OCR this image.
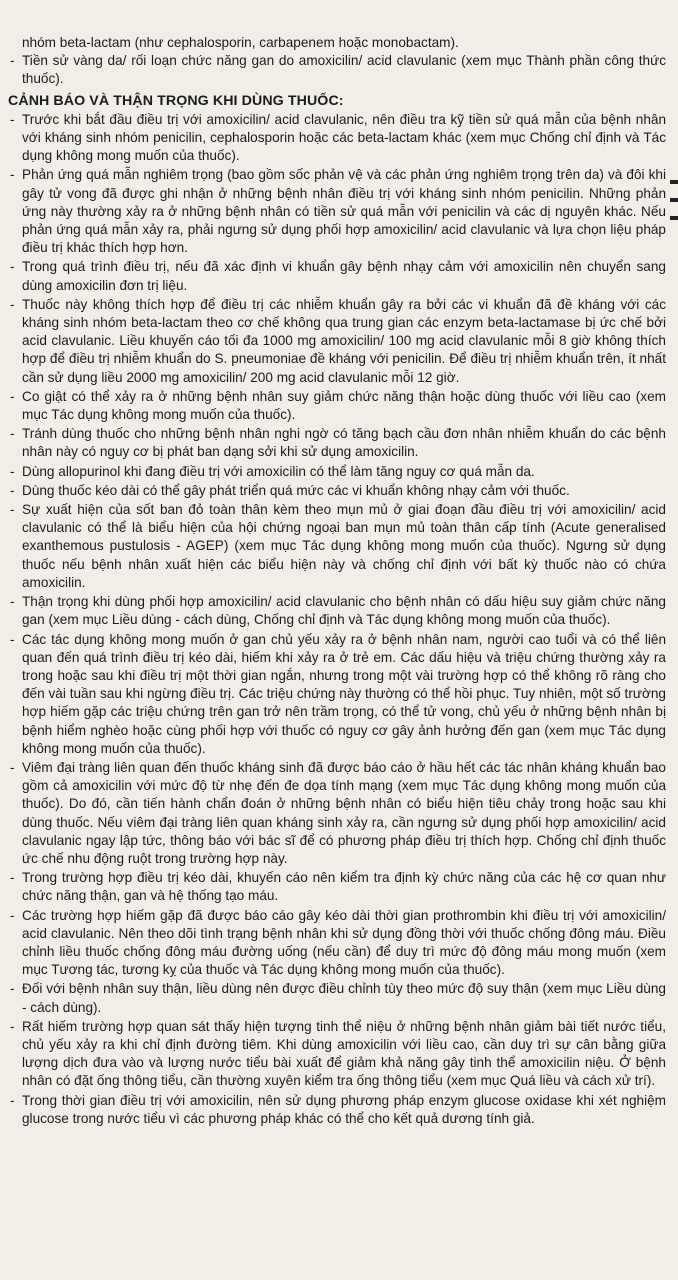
nhóm beta-lactam (như cephalosporin, carbapenem hoặc monobactam).

- Tiền sử vàng da/ rối loạn chức năng gan do amoxicilin/ acid clavulanic (xem mục Thành phần công thức thuốc).
CẢNH BÁO VÀ THẬN TRỌNG KHI DÙNG THUỐC:
- Trước khi bắt đầu điều trị với amoxicilin/ acid clavulanic, nên điều tra kỹ tiền sử quá mẫn của bệnh nhân với kháng sinh nhóm penicilin, cephalosporin hoặc các beta-lactam khác (xem mục Chống chỉ định và Tác dụng không mong muốn của thuốc).
- Phản ứng quá mẫn nghiêm trọng (bao gồm sốc phản vệ và các phản ứng nghiêm trọng trên da) và đôi khi gây tử vong đã được ghi nhận ở những bệnh nhân điều trị với kháng sinh nhóm penicilin. Những phản ứng này thường xảy ra ở những bệnh nhân có tiền sử quá mẫn với penicilin và các dị nguyên khác. Nếu phản ứng quá mẫn xảy ra, phải ngưng sử dụng phối hợp amoxicilin/ acid clavulanic và lựa chọn liệu pháp điều trị khác thích hợp hơn.
- Trong quá trình điều trị, nếu đã xác định vi khuẩn gây bệnh nhạy cảm với amoxicilin nên chuyển sang dùng amoxicilin đơn trị liệu.
- Thuốc này không thích hợp để điều trị các nhiễm khuẩn gây ra bởi các vi khuẩn đã đề kháng với các kháng sinh nhóm beta-lactam theo cơ chế không qua trung gian các enzym beta-lactamase bị ức chế bởi acid clavulanic. Liều khuyến cáo tối đa 1000 mg amoxicilin/ 100 mg acid clavulanic mỗi 8 giờ không thích hợp để điều trị nhiễm khuẩn do S. pneumoniae đề kháng với penicilin. Để điều trị nhiễm khuẩn trên, ít nhất cần sử dụng liều 2000 mg amoxicilin/ 200 mg acid clavulanic mỗi 12 giờ.
- Co giật có thể xảy ra ở những bệnh nhân suy giảm chức năng thận hoặc dùng thuốc với liều cao (xem mục Tác dụng không mong muốn của thuốc).
- Tránh dùng thuốc cho những bệnh nhân nghi ngờ có tăng bạch cầu đơn nhân nhiễm khuẩn do các bệnh nhân này có nguy cơ bị phát ban dạng sởi khi sử dụng amoxicilin.
- Dùng allopurinol khi đang điều trị với amoxicilin có thể làm tăng nguy cơ quá mẫn da.
- Dùng thuốc kéo dài có thể gây phát triển quá mức các vi khuẩn không nhạy cảm với thuốc.
- Sự xuất hiện của sốt ban đỏ toàn thân kèm theo mụn mủ ở giai đoạn đầu điều trị với amoxicilin/ acid clavulanic có thể là biểu hiện của hội chứng ngoại ban mụn mủ toàn thân cấp tính (Acute generalised exanthemous pustulosis - AGEP) (xem mục Tác dụng không mong muốn của thuốc). Ngưng sử dụng thuốc nếu bệnh nhân xuất hiện các biểu hiện này và chống chỉ định với bất kỳ thuốc nào có chứa amoxicilin.
- Thận trọng khi dùng phối hợp amoxicilin/ acid clavulanic cho bệnh nhân có dấu hiệu suy giảm chức năng gan (xem mục Liều dùng - cách dùng, Chống chỉ định và Tác dụng không mong muốn của thuốc).
- Các tác dụng không mong muốn ở gan chủ yếu xảy ra ở bệnh nhân nam, người cao tuổi và có thể liên quan đến quá trình điều trị kéo dài, hiếm khi xảy ra ở trẻ em. Các dấu hiệu và triệu chứng thường xảy ra trong hoặc sau khi điều trị một thời gian ngắn, nhưng trong một vài trường hợp có thể không rõ ràng cho đến vài tuần sau khi ngừng điều trị. Các triệu chứng này thường có thể hồi phục. Tuy nhiên, một số trường hợp hiếm gặp các triệu chứng trên gan trở nên trầm trọng, có thể tử vong, chủ yếu ở những bệnh nhân bị bệnh hiểm nghèo hoặc cùng phối hợp với thuốc có nguy cơ gây ảnh hưởng đến gan (xem mục Tác dụng không mong muốn của thuốc).
- Viêm đại tràng liên quan đến thuốc kháng sinh đã được báo cáo ở hầu hết các tác nhân kháng khuẩn bao gồm cả amoxicilin với mức độ từ nhẹ đến đe dọa tính mạng (xem mục Tác dụng không mong muốn của thuốc). Do đó, cần tiến hành chẩn đoán ở những bệnh nhân có biểu hiện tiêu chảy trong hoặc sau khi dùng thuốc. Nếu viêm đại tràng liên quan kháng sinh xảy ra, cần ngưng sử dụng phối hợp amoxicilin/ acid clavulanic ngay lập tức, thông báo với bác sĩ để có phương pháp điều trị thích hợp. Chống chỉ định thuốc ức chế nhu động ruột trong trường hợp này.
- Trong trường hợp điều trị kéo dài, khuyến cáo nên kiểm tra định kỳ chức năng của các hệ cơ quan như chức năng thận, gan và hệ thống tạo máu.
- Các trường hợp hiếm gặp đã được báo cáo gây kéo dài thời gian prothrombin khi điều trị với amoxicilin/ acid clavulanic. Nên theo dõi tình trạng bệnh nhân khi sử dụng đồng thời với thuốc chống đông máu. Điều chỉnh liều thuốc chống đông máu đường uống (nếu cần) để duy trì mức độ đông máu mong muốn (xem mục Tương tác, tương kỵ của thuốc và Tác dụng không mong muốn của thuốc).
- Đối với bệnh nhân suy thận, liều dùng nên được điều chỉnh tùy theo mức độ suy thận (xem mục Liều dùng - cách dùng).
- Rất hiếm trường hợp quan sát thấy hiện tượng tinh thể niệu ở những bệnh nhân giảm bài tiết nước tiểu, chủ yếu xảy ra khi chỉ định đường tiêm. Khi dùng amoxicilin với liều cao, cần duy trì sự cân bằng giữa lượng dịch đưa vào và lượng nước tiểu bài xuất để giảm khả năng gây tinh thể amoxicilin niệu. Ở bệnh nhân có đặt ống thông tiểu, cần thường xuyên kiểm tra ống thông tiểu (xem mục Quá liều và cách xử trí).
- Trong thời gian điều trị với amoxicilin, nên sử dụng phương pháp enzym glucose oxidase khi xét nghiệm glucose trong nước tiểu vì các phương pháp khác có thể cho kết quả dương tính giả.
